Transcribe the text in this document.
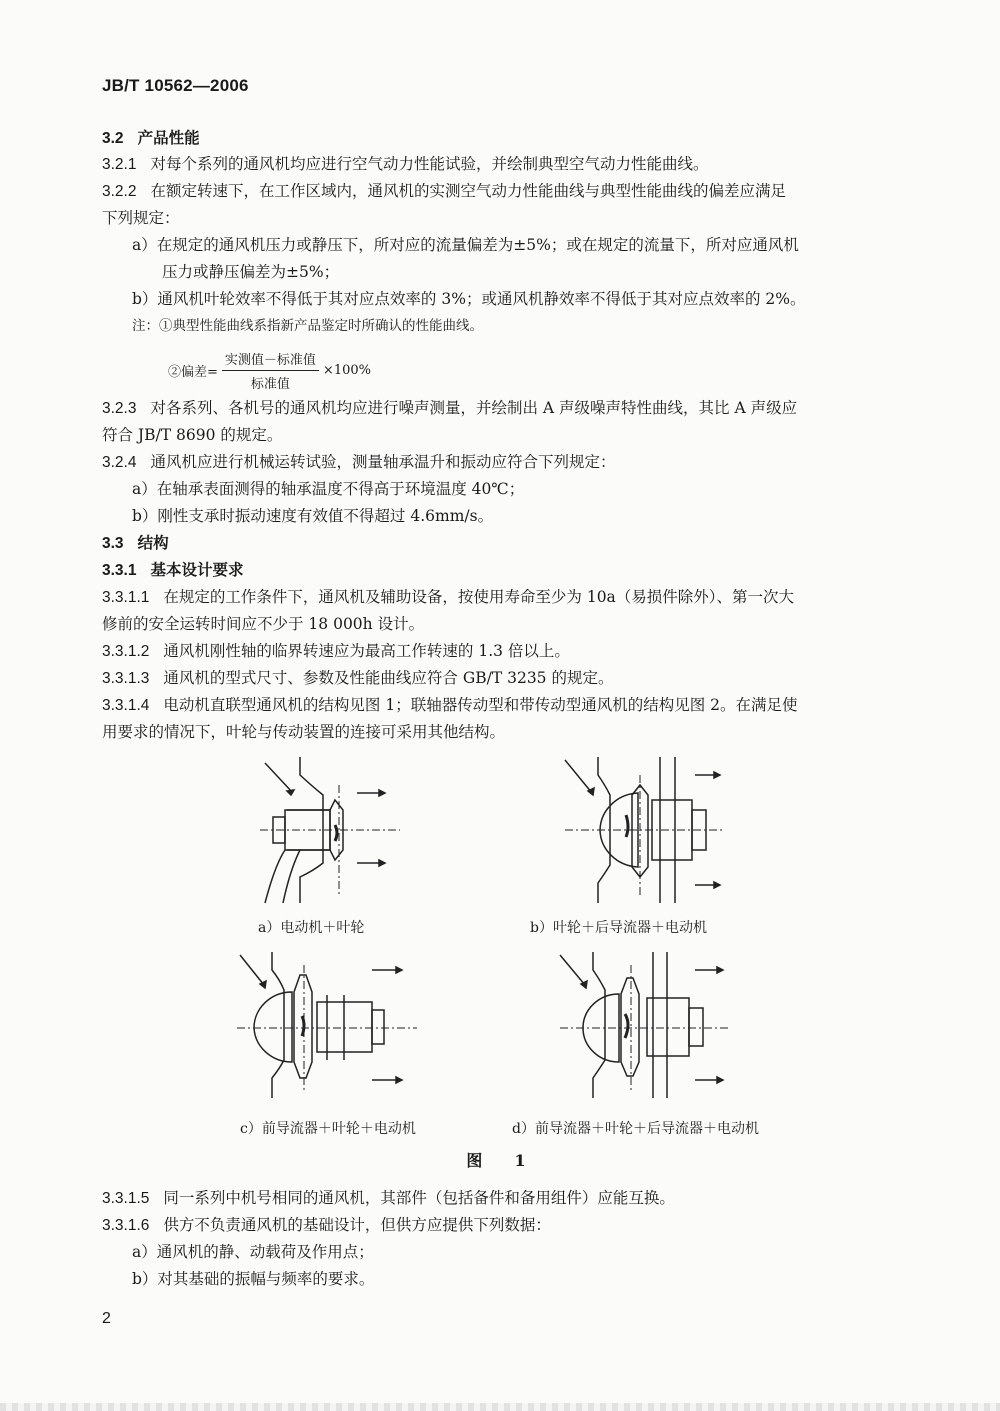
JB/T 10562—2006
3.2 产品性能
3.2.1 对每个系列的通风机均应进行空气动力性能试验，并绘制典型空气动力性能曲线。
3.2.2 在额定转速下，在工作区域内，通风机的实测空气动力性能曲线与典型性能曲线的偏差应满足
下列规定：
a）在规定的通风机压力或静压下，所对应的流量偏差为±5%；或在规定的流量下，所对应通风机
压力或静压偏差为±5%；
b）通风机叶轮效率不得低于其对应点效率的 3%；或通风机静效率不得低于其对应点效率的 2%。
注：①典型性能曲线系指新产品鉴定时所确认的性能曲线。
②偏差= $\frac{\text{实测值－标准值}}{\text{标准值}} \times 100\%$
3.2.3 对各系列、各机号的通风机均应进行噪声测量，并绘制出 A 声级噪声特性曲线，其比 A 声级应
符合 JB/T 8690 的规定。
3.2.4 通风机应进行机械运转试验，测量轴承温升和振动应符合下列规定：
a）在轴承表面测得的轴承温度不得高于环境温度 40℃；
b）刚性支承时振动速度有效值不得超过 4.6mm/s。
3.3 结构
3.3.1 基本设计要求
3.3.1.1 在规定的工作条件下，通风机及辅助设备，按使用寿命至少为 10a（易损件除外）、第一次大
修前的安全运转时间应不少于 18 000h 设计。
3.3.1.2 通风机刚性轴的临界转速应为最高工作转速的 1.3 倍以上。
3.3.1.3 通风机的型式尺寸、参数及性能曲线应符合 GB/T 3235 的规定。
3.3.1.4 电动机直联型通风机的结构见图 1；联轴器传动型和带传动型通风机的结构见图 2。在满足使
用要求的情况下，叶轮与传动装置的连接可采用其他结构。
a）电动机＋叶轮	b）叶轮＋后导流器＋电动机
c）前导流器＋叶轮＋电动机	d）前导流器＋叶轮＋后导流器＋电动机
图　1
3.3.1.5 同一系列中机号相同的通风机，其部件（包括备件和备用组件）应能互换。
3.3.1.6 供方不负责通风机的基础设计，但供方应提供下列数据：
a）通风机的静、动载荷及作用点；
b）对其基础的振幅与频率的要求。
2
